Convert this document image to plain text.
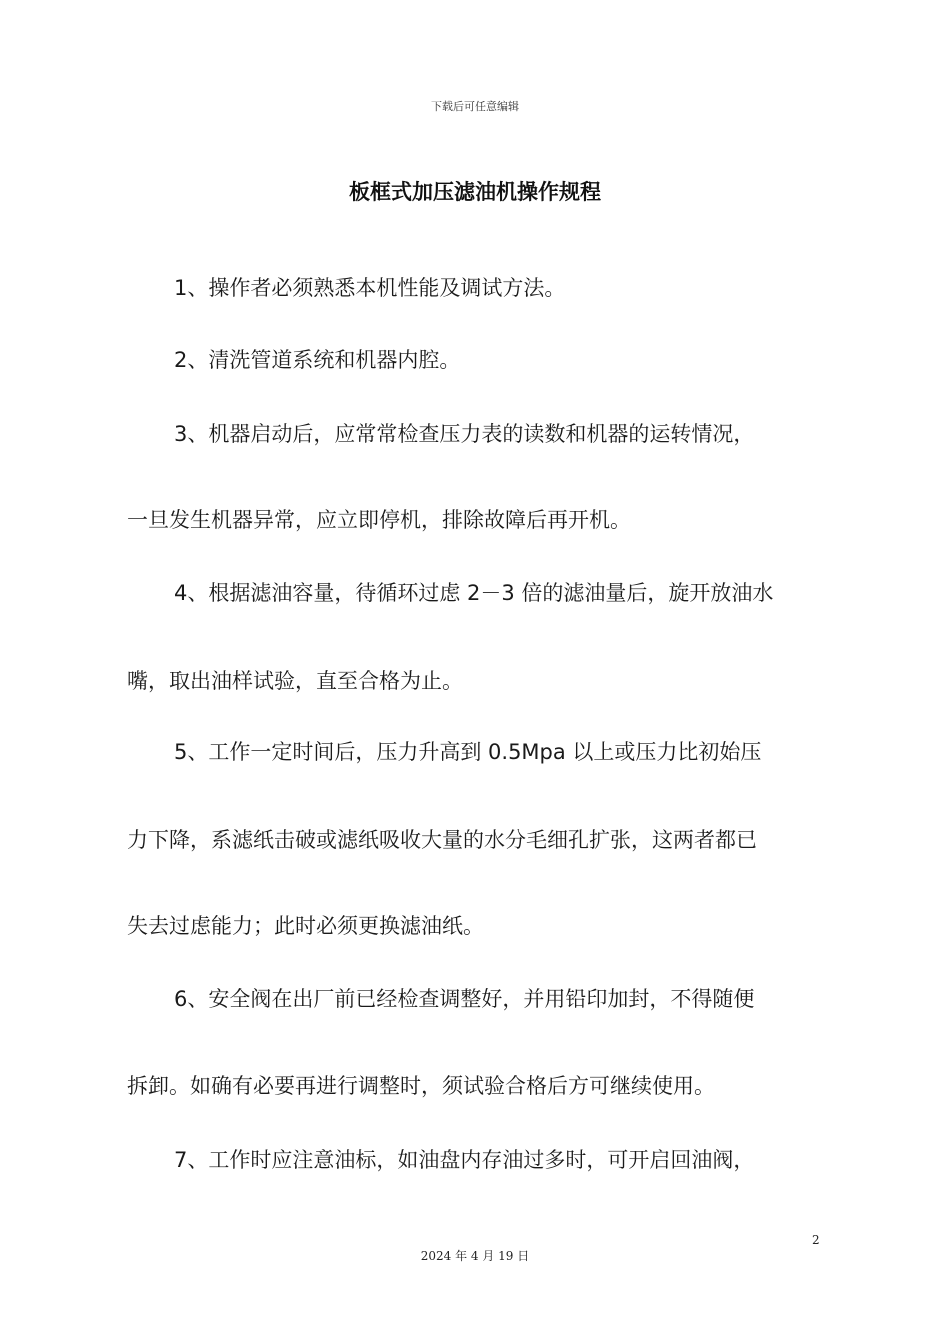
下载后可任意编辑
板框式加压滤油机操作规程
1、操作者必须熟悉本机性能及调试方法。
2、清洗管道系统和机器内腔。
3、机器启动后，应常常检查压力表的读数和机器的运转情况，
一旦发生机器异常，应立即停机，排除故障后再开机。
4、根据滤油容量，待循环过虑 2－3 倍的滤油量后，旋开放油水
嘴，取出油样试验，直至合格为止。
5、工作一定时间后，压力升高到 0.5Mpa 以上或压力比初始压
力下降，系滤纸击破或滤纸吸收大量的水分毛细孔扩张，这两者都已
失去过虑能力；此时必须更换滤油纸。
6、安全阀在出厂前已经检查调整好，并用铅印加封，不得随便
拆卸。如确有必要再进行调整时，须试验合格后方可继续使用。
7、工作时应注意油标，如油盘内存油过多时，可开启回油阀，
2
2024 年 4 月 19 日
